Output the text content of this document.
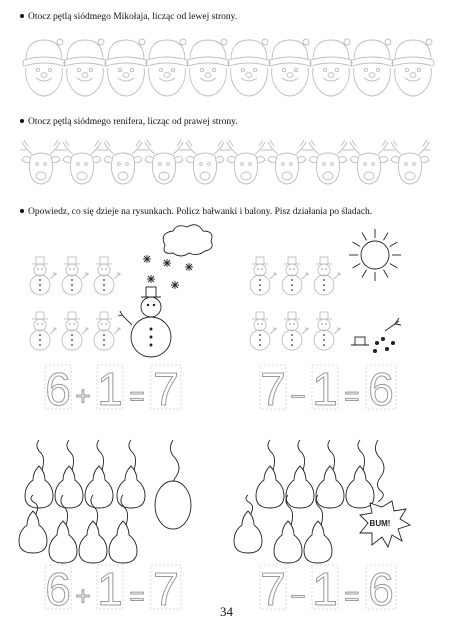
Otocz pętlą siódmego Mikołaja, licząc od lewej strony.
Otocz pętlą siódmego renifera, licząc od prawej strony.
Opowiedz, co się dzieje na rysunkach. Policz bałwanki i balony. Pisz działania po śladach.
6 + 1 = 7 7 − 1 = 6
BUM!
6 + 1 = 7 7 − 1 = 6
34
